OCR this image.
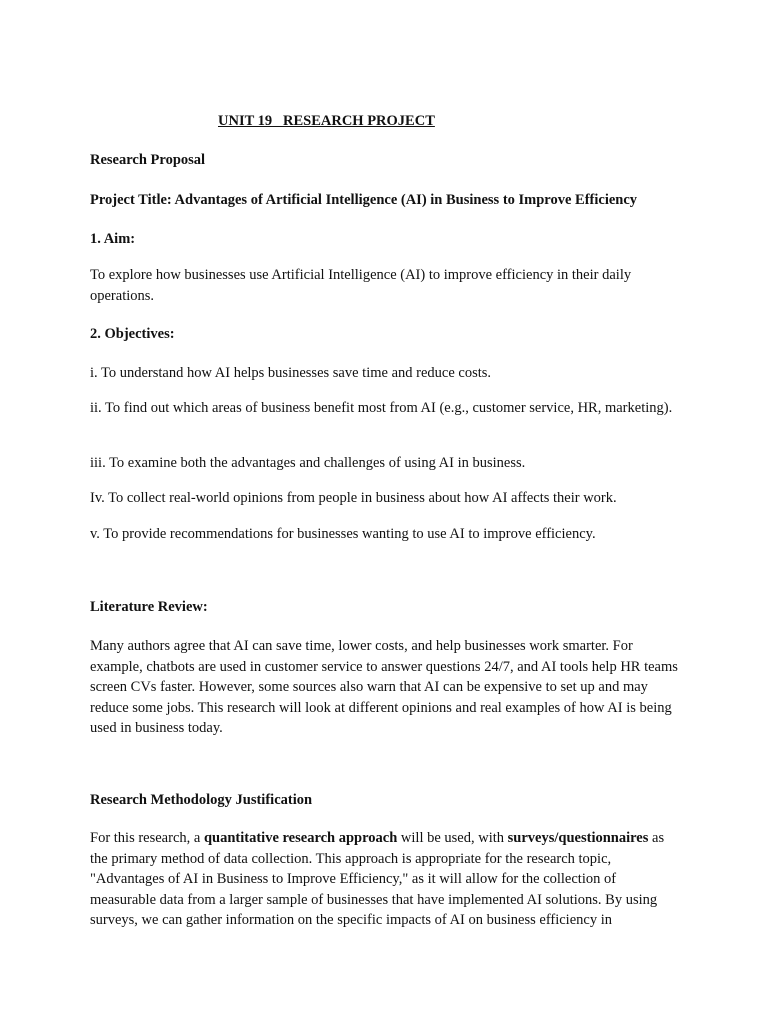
UNIT 19   RESEARCH PROJECT
Research Proposal
Project Title: Advantages of Artificial Intelligence (AI) in Business to Improve Efficiency
1. Aim:
To explore how businesses use Artificial Intelligence (AI) to improve efficiency in their daily operations.
2. Objectives:
i. To understand how AI helps businesses save time and reduce costs.
ii. To find out which areas of business benefit most from AI (e.g., customer service, HR, marketing).
iii. To examine both the advantages and challenges of using AI in business.
Iv. To collect real-world opinions from people in business about how AI affects their work.
v. To provide recommendations for businesses wanting to use AI to improve efficiency.
Literature Review:
Many authors agree that AI can save time, lower costs, and help businesses work smarter. For example, chatbots are used in customer service to answer questions 24/7, and AI tools help HR teams screen CVs faster. However, some sources also warn that AI can be expensive to set up and may reduce some jobs. This research will look at different opinions and real examples of how AI is being used in business today.
Research Methodology Justification
For this research, a quantitative research approach will be used, with surveys/questionnaires as the primary method of data collection. This approach is appropriate for the research topic, "Advantages of AI in Business to Improve Efficiency," as it will allow for the collection of measurable data from a larger sample of businesses that have implemented AI solutions. By using surveys, we can gather information on the specific impacts of AI on business efficiency in
